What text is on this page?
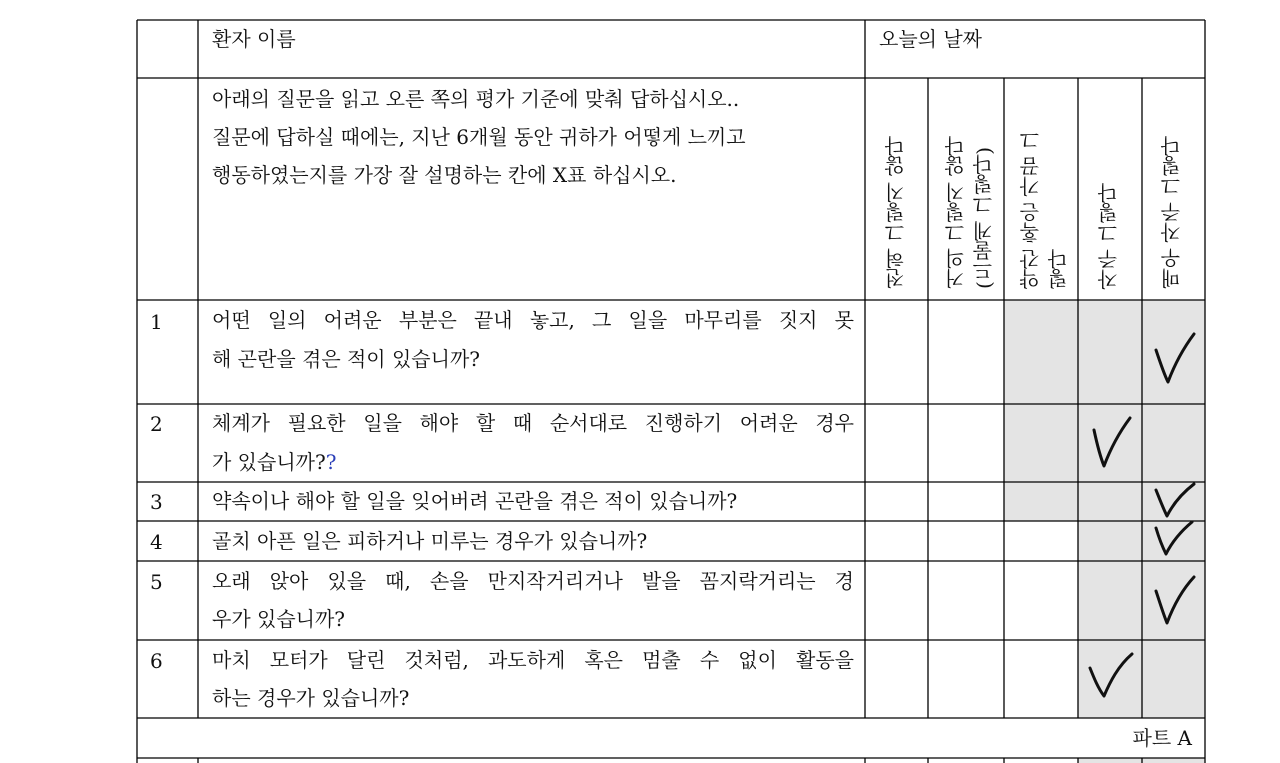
환자 이름	오늘의 날짜
아래의 질문을 읽고 오른 쪽의 평가 기준에 맞춰 답하십시오..
질문에 답하실 때에는, 지난 6개월 동안 귀하가 어떻게 느끼고
행동하였는지를 가장 잘 설명하는 칸에 X표 하십시오.	전혀 그렇지 않다 거의 그렇지 않다 (드물게 그렇다) 약간 혹은 가끔 그 렇다 자주 그렇다 매우 자주 그렇다
1
2
3
4
5
6
어떤 일의 어려운 부분은 끝내 놓고, 그 일을 마무리를 짓지 못
해 곤란을 겪은 적이 있습니까?
체계가 필요한 일을 해야 할 때 순서대로 진행하기 어려운 경우
가 있습니까??
약속이나 해야 할 일을 잊어버려 곤란을 겪은 적이 있습니까?
골치 아픈 일은 피하거나 미루는 경우가 있습니까?
오래 앉아 있을 때, 손을 만지작거리거나 발을 꼼지락거리는 경
우가 있습니까?
마치 모터가 달린 것처럼, 과도하게 혹은 멈출 수 없이 활동을
하는 경우가 있습니까?
파트 A
